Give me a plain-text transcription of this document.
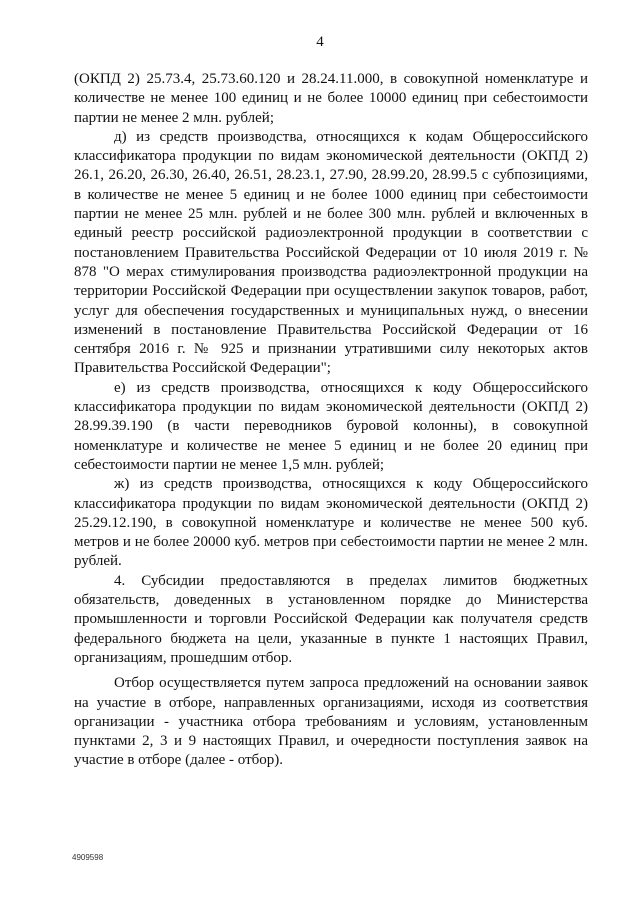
4

(ОКПД 2) 25.73.4, 25.73.60.120 и 28.24.11.000, в совокупной номенклатуре и количестве не менее 100 единиц и не более 10000 единиц при себестоимости партии не менее 2 млн. рублей;

д) из средств производства, относящихся к кодам Общероссийского классификатора продукции по видам экономической деятельности (ОКПД 2) 26.1, 26.20, 26.30, 26.40, 26.51, 28.23.1, 27.90, 28.99.20, 28.99.5 с субпозициями, в количестве не менее 5 единиц и не более 1000 единиц при себестоимости партии не менее 25 млн. рублей и не более 300 млн. рублей и включенных в единый реестр российской радиоэлектронной продукции в соответствии с постановлением Правительства Российской Федерации от 10 июля 2019 г. № 878 "О мерах стимулирования производства радиоэлектронной продукции на территории Российской Федерации при осуществлении закупок товаров, работ, услуг для обеспечения государственных и муниципальных нужд, о внесении изменений в постановление Правительства Российской Федерации от 16 сентября 2016 г. № 925 и признании утратившими силу некоторых актов Правительства Российской Федерации";

е) из средств производства, относящихся к коду Общероссийского классификатора продукции по видам экономической деятельности (ОКПД 2) 28.99.39.190 (в части переводников буровой колонны), в совокупной номенклатуре и количестве не менее 5 единиц и не более 20 единиц при себестоимости партии не менее 1,5 млн. рублей;

ж) из средств производства, относящихся к коду Общероссийского классификатора продукции по видам экономической деятельности (ОКПД 2) 25.29.12.190, в совокупной номенклатуре и количестве не менее 500 куб. метров и не более 20000 куб. метров при себестоимости партии не менее 2 млн. рублей.

4. Субсидии предоставляются в пределах лимитов бюджетных обязательств, доведенных в установленном порядке до Министерства промышленности и торговли Российской Федерации как получателя средств федерального бюджета на цели, указанные в пункте 1 настоящих Правил, организациям, прошедшим отбор.

Отбор осуществляется путем запроса предложений на основании заявок на участие в отборе, направленных организациями, исходя из соответствия организации - участника отбора требованиям и условиям, установленным пунктами 2, 3 и 9 настоящих Правил, и очередности поступления заявок на участие в отборе (далее - отбор).

4909598
